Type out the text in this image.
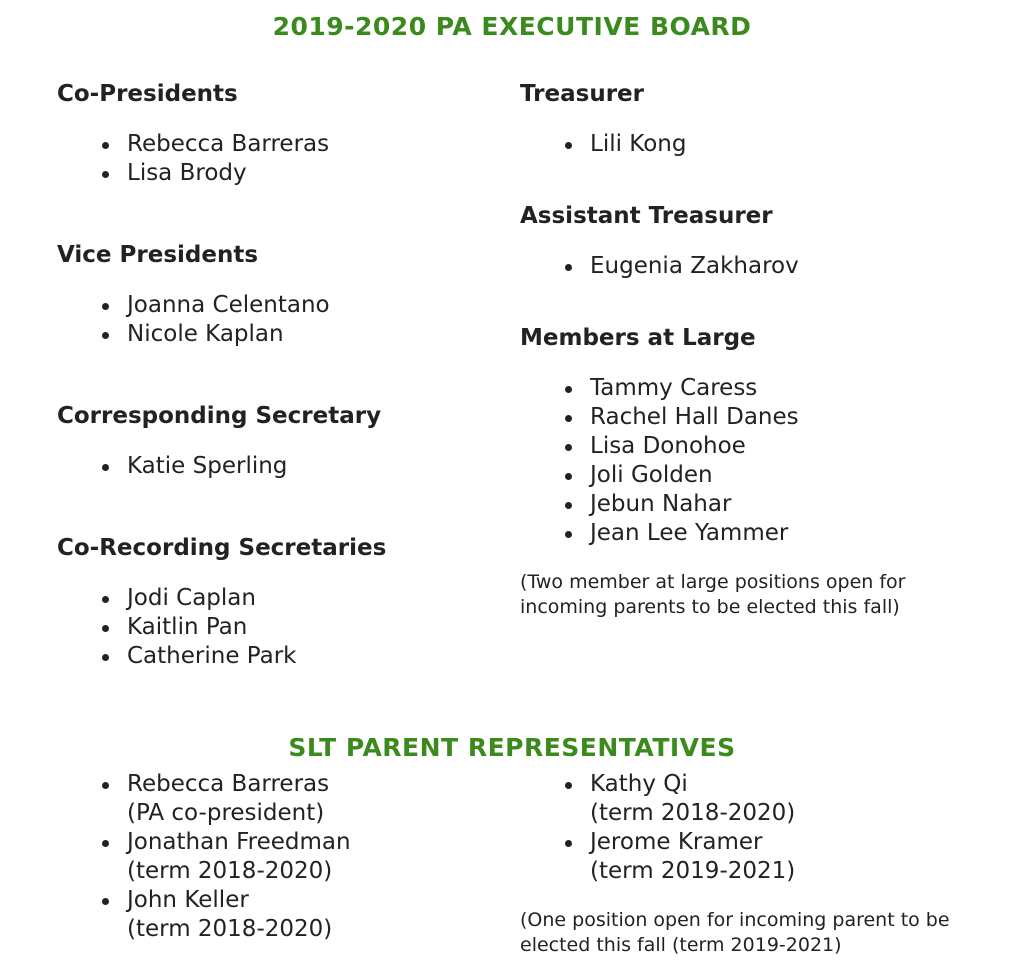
2019-2020 PA EXECUTIVE BOARD
Co-Presidents
Rebecca Barreras
Lisa Brody
Vice Presidents
Joanna Celentano
Nicole Kaplan
Corresponding Secretary
Katie Sperling
Co-Recording Secretaries
Jodi Caplan
Kaitlin Pan
Catherine Park
Treasurer
Lili Kong
Assistant Treasurer
Eugenia Zakharov
Members at Large
Tammy Caress
Rachel Hall Danes
Lisa Donohoe
Joli Golden
Jebun Nahar
Jean Lee Yammer

(Two member at large positions open for incoming parents to be elected this fall)

SLT PARENT REPRESENTATIVES
Rebecca Barreras
(PA co-president)
Jonathan Freedman
(term 2018-2020)
John Keller
(term 2018-2020)
Kathy Qi
(term 2018-2020)
Jerome Kramer
(term 2019-2021)

(One position open for incoming parent to be elected this fall (term 2019-2021)
